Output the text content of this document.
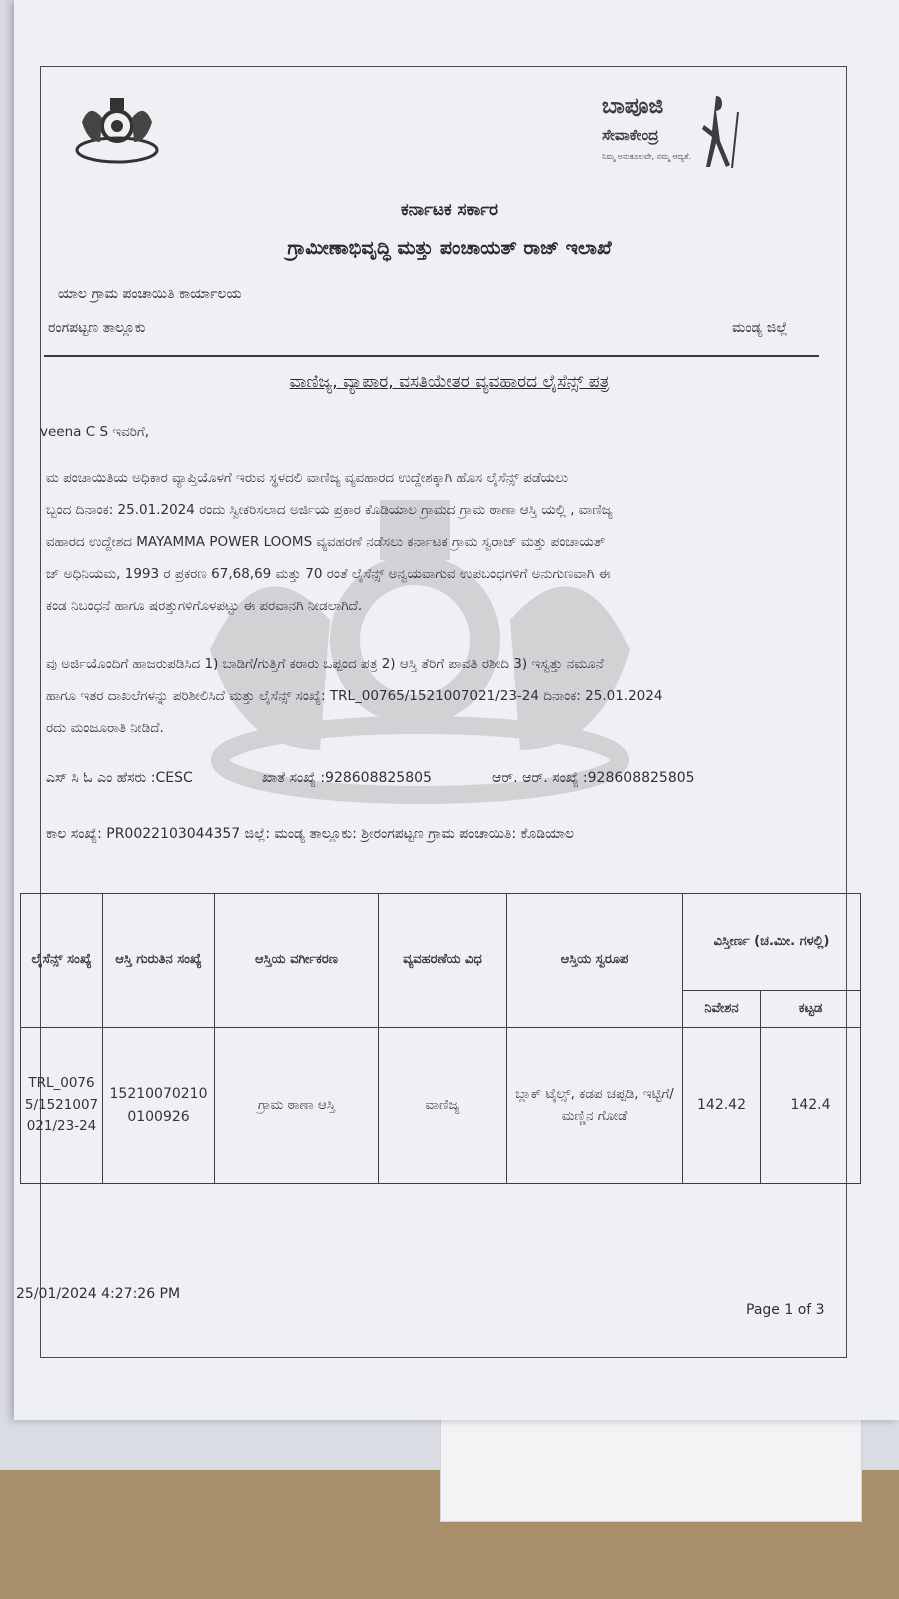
ಬಾಪೂಜಿ
ಸೇವಾಕೇಂದ್ರ
ನಿಮ್ಮ ಅನುಕೂಲವೇ, ನಮ್ಮ ಆದ್ಯತೆ.
ಕರ್ನಾಟಕ ಸರ್ಕಾರ
ಗ್ರಾಮೀಣಾಭಿವೃದ್ಧಿ ಮತ್ತು ಪಂಚಾಯತ್ ರಾಜ್ ಇಲಾಖೆ
ಯಾಲ ಗ್ರಾಮ ಪಂಚಾಯಿತಿ ಕಾರ್ಯಾಲಯ
ರಂಗಪಟ್ಟಣ ತಾಲ್ಲೂಕು	ಮಂಡ್ಯ ಜಿಲ್ಲೆ
ವಾಣಿಜ್ಯ, ವ್ಯಾಪಾರ, ವಸತಿಯೇತರ ವ್ಯವಹಾರದ ಲೈಸೆನ್ಸ್ ಪತ್ರ
veena C S ಇವರಿಗೆ,
ಮ ಪಂಚಾಯಿತಿಯ ಅಧಿಕಾರ ವ್ಯಾಪ್ತಿಯೊಳಗೆ ಇರುವ ಸ್ಥಳದಲಿ ವಾಣಿಜ್ಯ ವ್ಯವಹಾರದ ಉದ್ದೇಶಕ್ಕಾಗಿ ಹೊಸ ಲೈಸೆನ್ಸ್ ಪಡೆಯಲು
ಬ್ಬಂದ ದಿನಾಂಕ: 25.01.2024 ರಂದು ಸ್ವೀಕರಿಸಲಾದ ಅರ್ಜಿಯ ಪ್ರಕಾರ ಕೊಡಿಯಾಲ ಗ್ರಾಮದ ಗ್ರಾಮ ಠಾಣಾ ಆಸ್ತಿ ಯಲ್ಲಿ , ವಾಣಿಜ್ಯ
ವಹಾರದ ಉದ್ದೇಶದ MAYAMMA POWER LOOMS ವ್ಯವಹರಣೆ ನಡೆಸಲು ಕರ್ನಾಟಕ ಗ್ರಾಮ ಸ್ವರಾಜ್ ಮತ್ತು ಪಂಚಾಯತ್
ಜ್ ಅಧಿನಿಯಮ, 1993 ರ ಪ್ರಕರಣ 67,68,69 ಮತ್ತು 70 ರಂತೆ ಲೈಸೆನ್ಸ್ ಅನ್ವಯವಾಗುವ ಉಪಬಂಧಗಳಿಗೆ ಅನುಗುಣವಾಗಿ ಈ
ಕಂಡ ನಿಬಂಧನೆ ಹಾಗೂ ಷರತ್ತುಗಳಿಗೊಳಪಟ್ಟು ಈ ಪರವಾನಗಿ ನೀಡಲಾಗಿದೆ.
ವು ಅರ್ಜಿಯೊಂದಿಗೆ ಹಾಜರುಪಡಿಸಿದ 1) ಬಾಡಿಗೆ/ಗುತ್ತಿಗೆ ಕರಾರು ಒಪ್ಪಂದ ಪತ್ರ 2) ಆಸ್ತಿ ತೆರಿಗೆ ಪಾವತಿ ರಶೀದಿ 3) ಇಸ್ವತ್ತು ನಮೂನೆ
ಹಾಗೂ ಇತರ ದಾಖಲೆಗಳನ್ನು ಪರಿಶೀಲಿಸಿದೆ ಮತ್ತು ಲೈಸೆನ್ಸ್ ಸಂಖ್ಯೆ: TRL_00765/1521007021/23-24 ದಿನಾಂಕ: 25.01.2024
ರದು ಮಂಜೂರಾತಿ ನೀಡಿದೆ.
ಎಸ್ ಸಿ ಓ ಎಂ ಹೆಸರು :CESC	ಖಾತೆ ಸಂಖ್ಯೆ :928608825805	ಆರ್. ಆರ್. ಸಂಖ್ಯೆ :928608825805
ಕಾಲ ಸಂಖ್ಯೆ: PR0022103044357 ಜಿಲ್ಲೆ: ಮಂಡ್ಯ ತಾಲ್ಲೂಕು: ಶ್ರೀರಂಗಪಟ್ಟಣ ಗ್ರಾಮ ಪಂಚಾಯಿತಿ: ಕೊಡಿಯಾಲ
ಲೈಸೆನ್ಸ್ ಸಂಖ್ಯೆ	ಆಸ್ತಿ ಗುರುತಿನ ಸಂಖ್ಯೆ	ಆಸ್ತಿಯ ವರ್ಗೀಕರಣ	ವ್ಯವಹರಣೆಯ ವಿಧ	ಆಸ್ತಿಯ ಸ್ವರೂಪ	ವಿಸ್ತೀರ್ಣ (ಚ.ಮೀ. ಗಳಲ್ಲಿ)	
					ನಿವೇಶನ	ಕಟ್ಟಡ
TRL_00765/1521007021/23-24	152100702100100926	ಗ್ರಾಮ ಠಾಣಾ ಆಸ್ತಿ	ವಾಣಿಜ್ಯ	ಬ್ಲಾಕ್ ಟೈಲ್ಸ್, ಕಡಪ ಚಪ್ಪಡಿ, ಇಟ್ಟಿಗೆ/ ಮಣ್ಣಿನ ಗೋಡೆ	142.42	142.4
25/01/2024 4:27:26 PM
Page 1 of 3
